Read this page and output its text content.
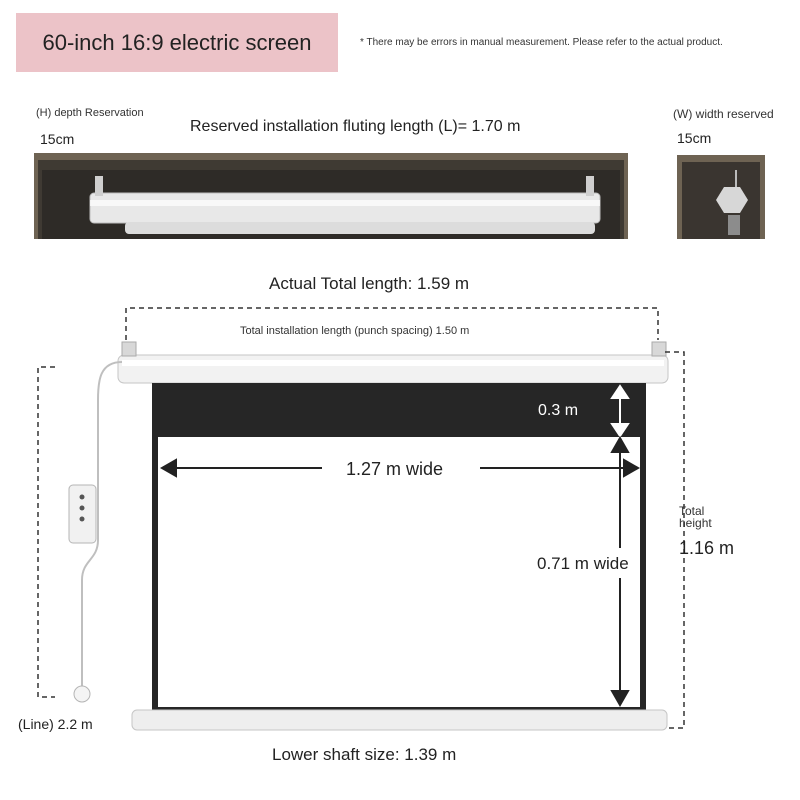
60-inch 16:9 electric screen	* There may be errors in manual measurement. Please refer to the actual product.
(H) depth Reservation
15cm
Reserved installation fluting length (L)= 1.70 m
(W) width reserved
15cm
Actual Total length: 1.59 m
Total installation length (punch spacing) 1.50 m
0.3 m
1.27 m wide
0.71 m wide
Total height
1.16 m
(Line) 2.2 m
Lower shaft size: 1.39 m
